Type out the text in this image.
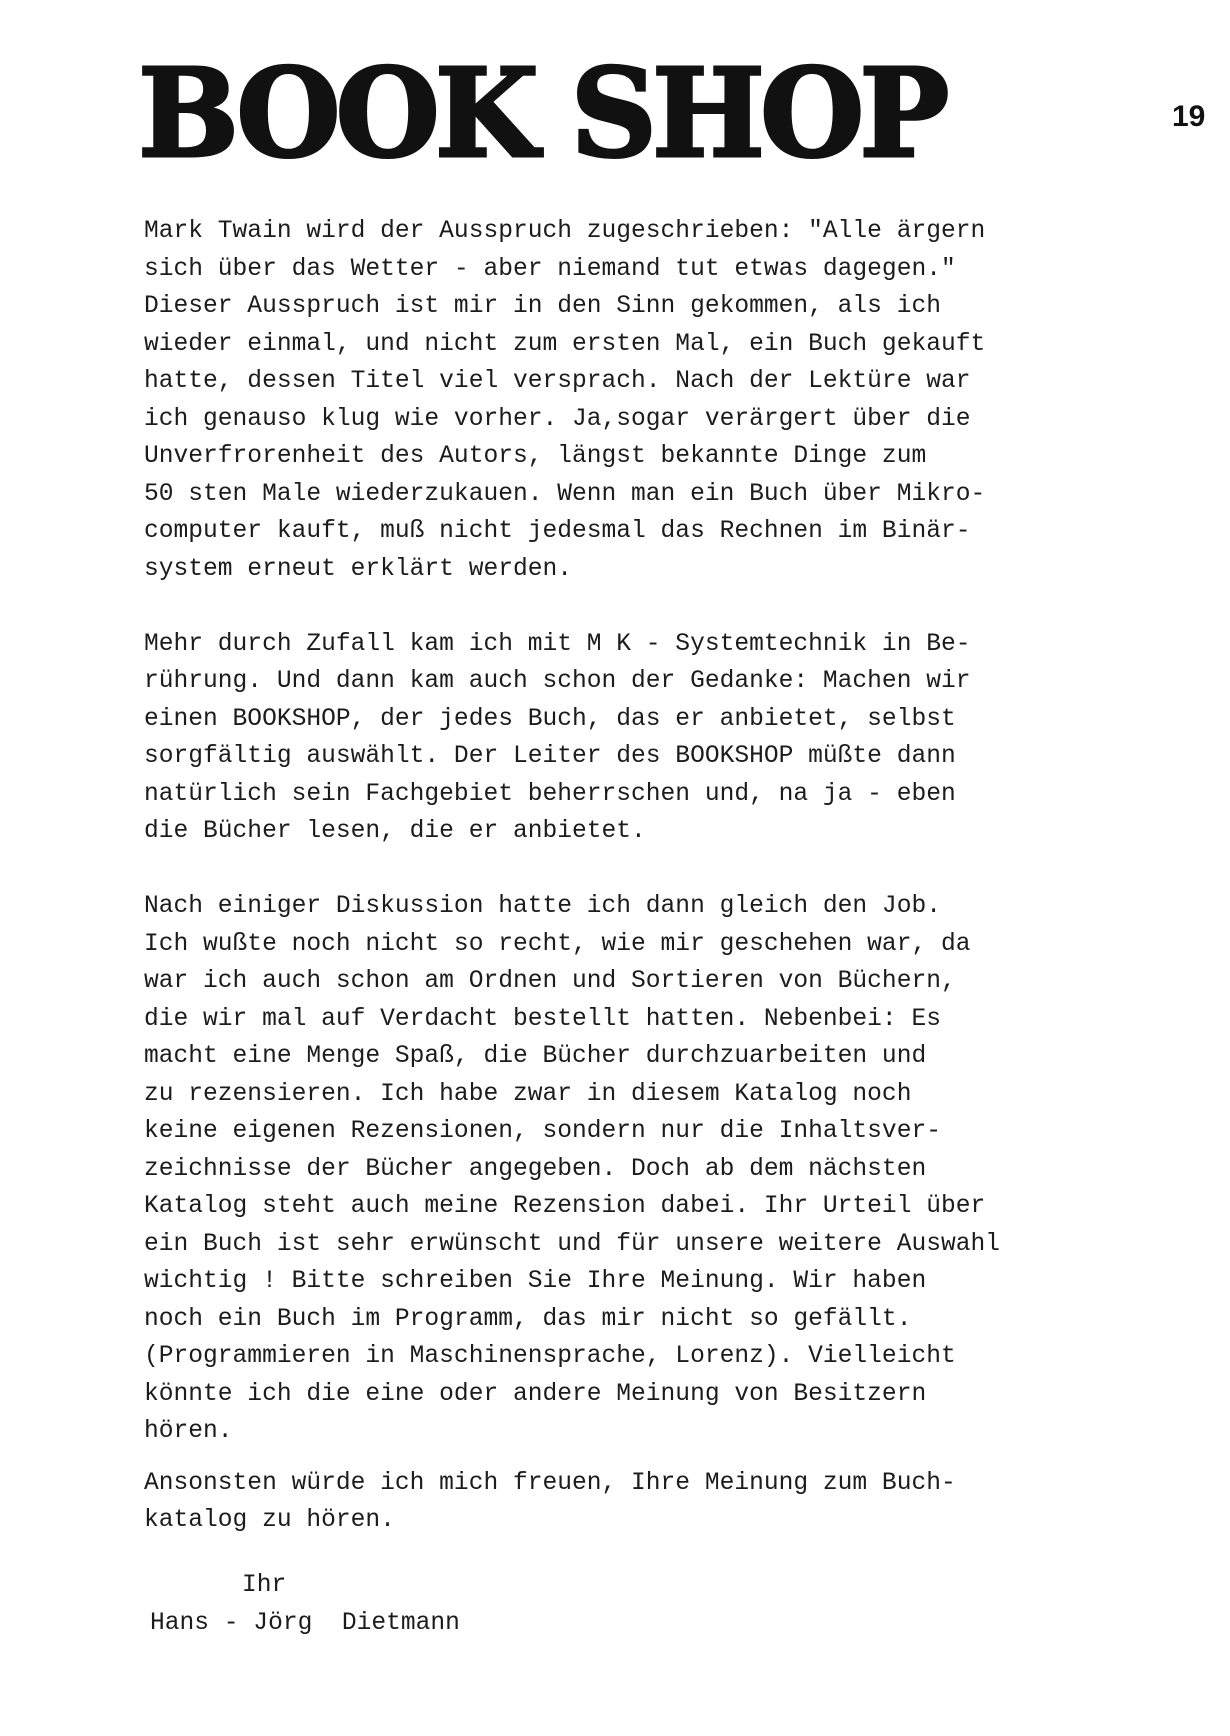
BOOK SHOP	19

Mark Twain wird der Ausspruch zugeschrieben: "Alle ärgern
sich über das Wetter - aber niemand tut etwas dagegen."
Dieser Ausspruch ist mir in den Sinn gekommen, als ich
wieder einmal, und nicht zum ersten Mal, ein Buch gekauft
hatte, dessen Titel viel versprach. Nach der Lektüre war
ich genauso klug wie vorher. Ja,sogar verärgert über die
Unverfrorenheit des Autors, längst bekannte Dinge zum
50 sten Male wiederzukauen. Wenn man ein Buch über Mikro-
computer kauft, muß nicht jedesmal das Rechnen im Binär-
system erneut erklärt werden.

Mehr durch Zufall kam ich mit M K - Systemtechnik in Be-
rührung. Und dann kam auch schon der Gedanke: Machen wir
einen BOOKSHOP, der jedes Buch, das er anbietet, selbst
sorgfältig auswählt. Der Leiter des BOOKSHOP müßte dann
natürlich sein Fachgebiet beherrschen und, na ja - eben
die Bücher lesen, die er anbietet.

Nach einiger Diskussion hatte ich dann gleich den Job.
Ich wußte noch nicht so recht, wie mir geschehen war, da
war ich auch schon am Ordnen und Sortieren von Büchern,
die wir mal auf Verdacht bestellt hatten. Nebenbei: Es
macht eine Menge Spaß, die Bücher durchzuarbeiten und
zu rezensieren. Ich habe zwar in diesem Katalog noch
keine eigenen Rezensionen, sondern nur die Inhaltsver-
zeichnisse der Bücher angegeben. Doch ab dem nächsten
Katalog steht auch meine Rezension dabei. Ihr Urteil über
ein Buch ist sehr erwünscht und für unsere weitere Auswahl
wichtig ! Bitte schreiben Sie Ihre Meinung. Wir haben
noch ein Buch im Programm, das mir nicht so gefällt.
(Programmieren in Maschinensprache, Lorenz). Vielleicht
könnte ich die eine oder andere Meinung von Besitzern
hören.

Ansonsten würde ich mich freuen, Ihre Meinung zum Buch-
katalog zu hören.

Ihr
Hans - Jörg  Dietmann
